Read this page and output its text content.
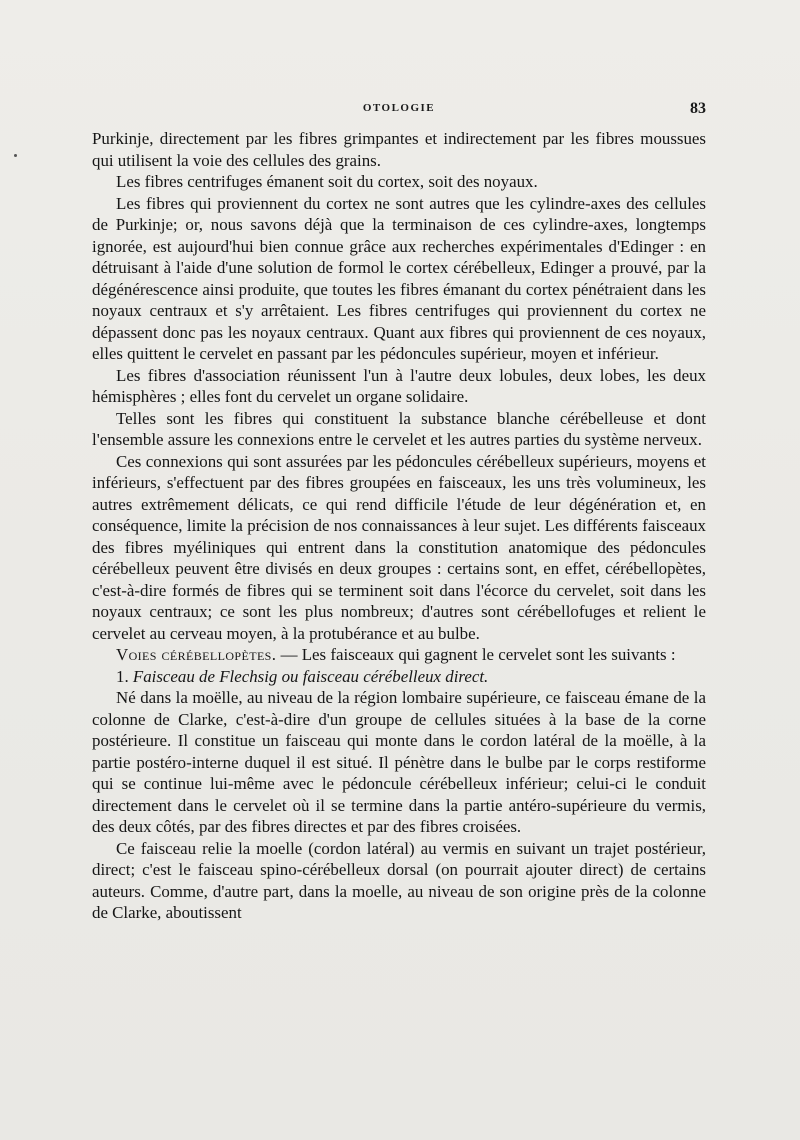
OTOLOGIE	83

Purkinje, directement par les fibres grimpantes et indirectement par les fibres moussues qui utilisent la voie des cellules des grains.

Les fibres centrifuges émanent soit du cortex, soit des noyaux.

Les fibres qui proviennent du cortex ne sont autres que les cylindre-axes des cellules de Purkinje; or, nous savons déjà que la terminaison de ces cylindre-axes, longtemps ignorée, est aujourd'hui bien connue grâce aux recherches expérimentales d'Edinger : en détruisant à l'aide d'une solution de formol le cortex cérébelleux, Edinger a prouvé, par la dégénérescence ainsi produite, que toutes les fibres émanant du cortex pénétraient dans les noyaux centraux et s'y arrêtaient. Les fibres centrifuges qui proviennent du cortex ne dépassent donc pas les noyaux centraux. Quant aux fibres qui proviennent de ces noyaux, elles quittent le cervelet en passant par les pédoncules supérieur, moyen et inférieur.

Les fibres d'association réunissent l'un à l'autre deux lobules, deux lobes, les deux hémisphères ; elles font du cervelet un organe solidaire.

Telles sont les fibres qui constituent la substance blanche cérébelleuse et dont l'ensemble assure les connexions entre le cervelet et les autres parties du système nerveux.

Ces connexions qui sont assurées par les pédoncules cérébelleux supérieurs, moyens et inférieurs, s'effectuent par des fibres groupées en faisceaux, les uns très volumineux, les autres extrêmement délicats, ce qui rend difficile l'étude de leur dégénération et, en conséquence, limite la précision de nos connaissances à leur sujet. Les différents faisceaux des fibres myéliniques qui entrent dans la constitution anatomique des pédoncules cérébelleux peuvent être divisés en deux groupes : certains sont, en effet, cérébellopètes, c'est-à-dire formés de fibres qui se terminent soit dans l'écorce du cervelet, soit dans les noyaux centraux; ce sont les plus nombreux; d'autres sont cérébellofuges et relient le cervelet au cerveau moyen, à la protubérance et au bulbe.

Voies cérébellopètes. — Les faisceaux qui gagnent le cervelet sont les suivants :

1. Faisceau de Flechsig ou faisceau cérébelleux direct.

Né dans la moëlle, au niveau de la région lombaire supérieure, ce faisceau émane de la colonne de Clarke, c'est-à-dire d'un groupe de cellules situées à la base de la corne postérieure. Il constitue un faisceau qui monte dans le cordon latéral de la moëlle, à la partie postéro-interne duquel il est situé. Il pénètre dans le bulbe par le corps restiforme qui se continue lui-même avec le pédoncule cérébelleux inférieur; celui-ci le conduit directement dans le cervelet où il se termine dans la partie antéro-supérieure du vermis, des deux côtés, par des fibres directes et par des fibres croisées.

Ce faisceau relie la moelle (cordon latéral) au vermis en suivant un trajet postérieur, direct; c'est le faisceau spino-cérébelleux dorsal (on pourrait ajouter direct) de certains auteurs. Comme, d'autre part, dans la moelle, au niveau de son origine près de la colonne de Clarke, aboutissent
